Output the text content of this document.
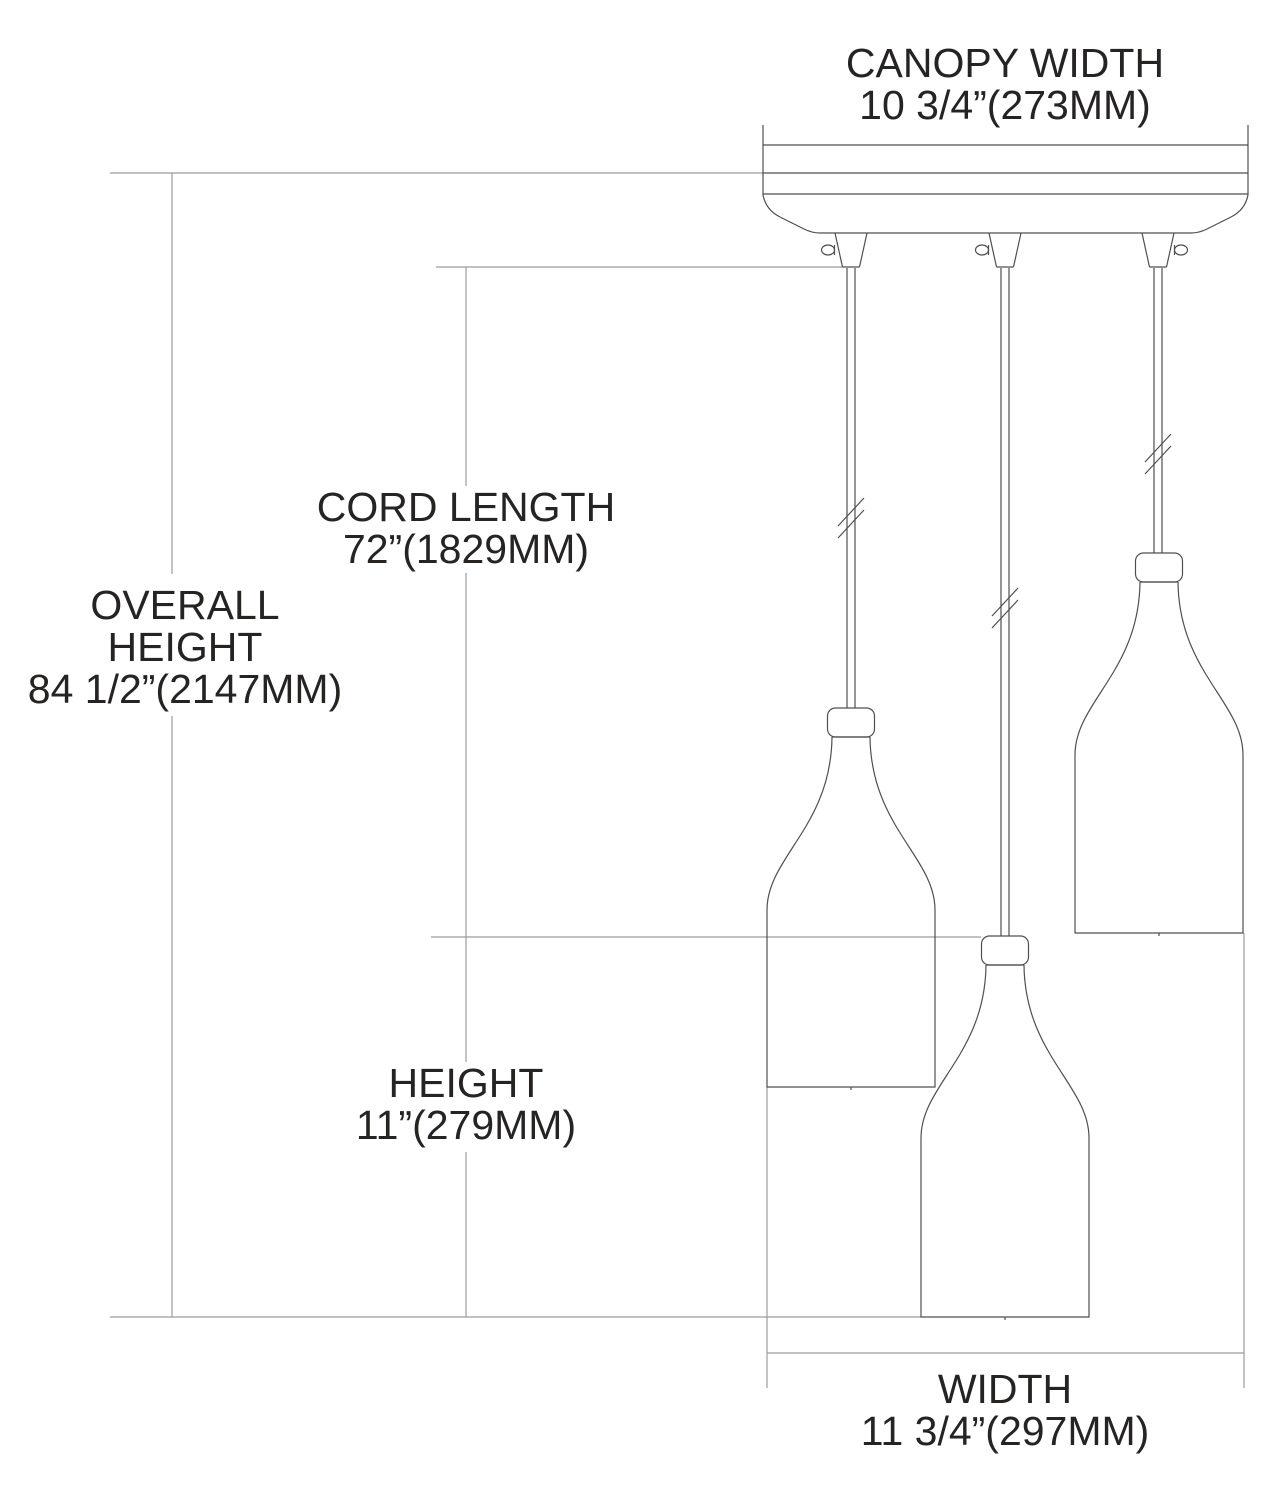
CANOPY WIDTH
10 3/4”(273MM)
CORD LENGTH
72”(1829MM)
OVERALL
HEIGHT
84 1/2”(2147MM)
HEIGHT
11”(279MM)
WIDTH
11 3/4”(297MM)
